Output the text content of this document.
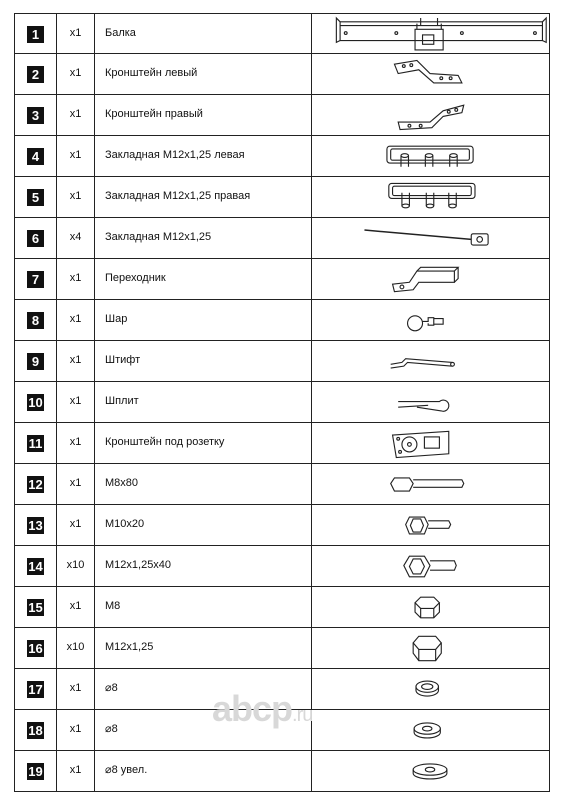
1	x1	Балка
2	x1	Кронштейн левый
3	x1	Кронштейн правый
4	x1	Закладная М12х1,25 левая
5	x1	Закладная М12х1,25 правая
6	x4	Закладная М12х1,25
7	x1	Переходник
8	x1	Шар
9	x1	Штифт
10	x1	Шплит
11	x1	Кронштейн под розетку
12	x1	М8х80
13	x1	М10х20
14	x10	М12х1,25х40
15	x1	М8
16	x10	М12х1,25
17	x1	⌀8
18	x1	⌀8
19	x1	⌀8 увел.
abcp.ru
